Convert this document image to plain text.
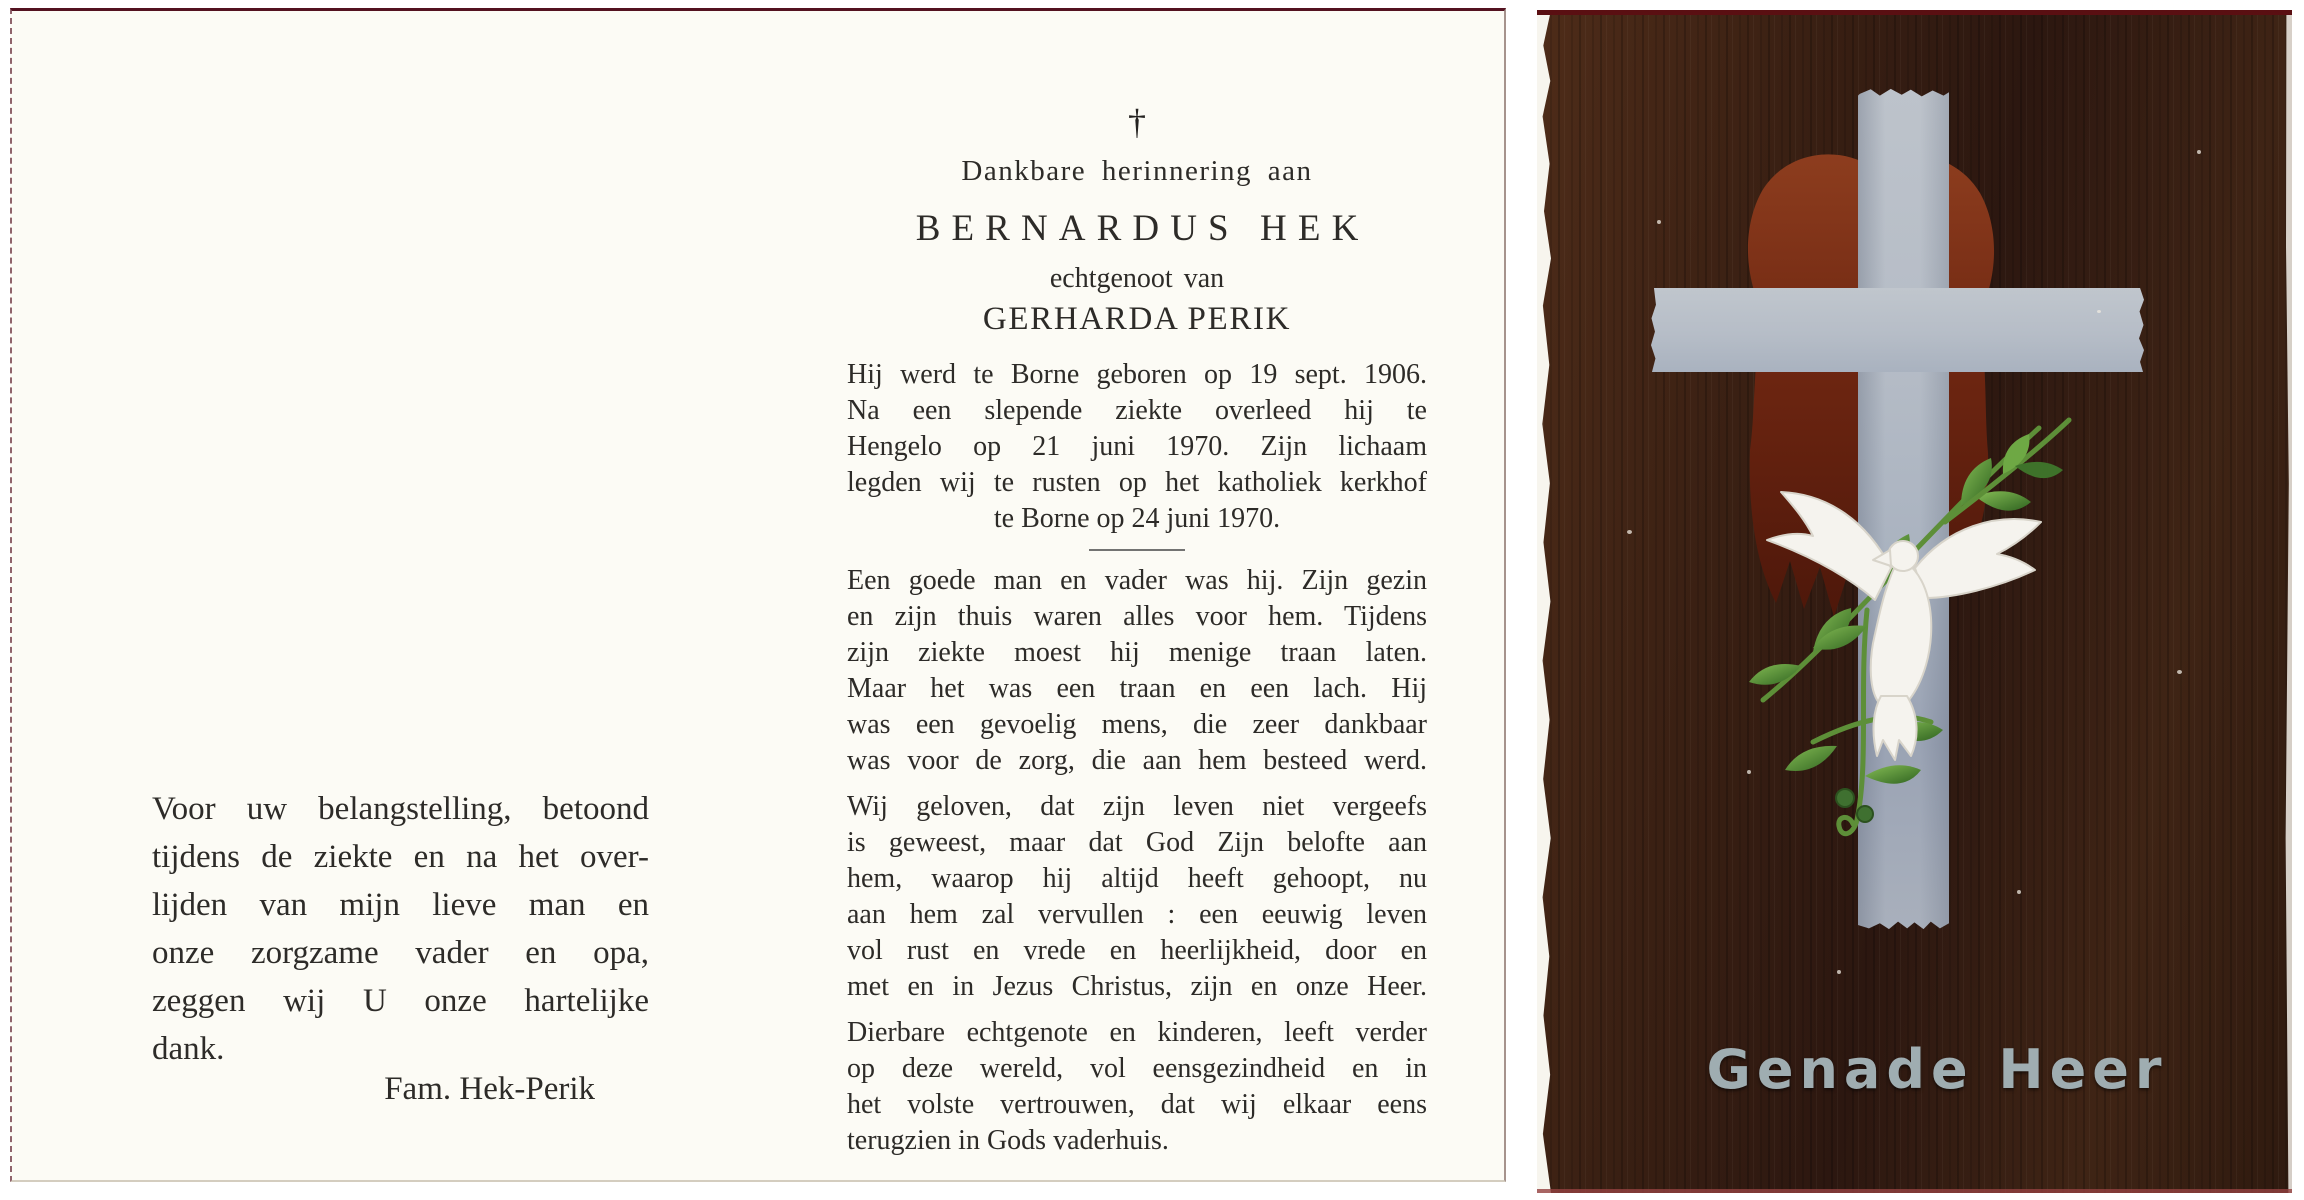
Voor uw belangstelling, betoond
tijdens de ziekte en na het over-
lijden van mijn lieve man en
onze zorgzame vader en opa,
zeggen wij U onze hartelijke
dank.
Fam. Hek-Perik
†
Dankbare herinnering aan
BERNARDUS HEK
echtgenoot van
GERHARDA PERIK
Hij werd te Borne geboren op 19 sept. 1906.
Na een slepende ziekte overleed hij te
Hengelo op 21 juni 1970. Zijn lichaam
legden wij te rusten op het katholiek kerkhof
te Borne op 24 juni 1970.
Een goede man en vader was hij. Zijn gezin
en zijn thuis waren alles voor hem. Tijdens
zijn ziekte moest hij menige traan laten.
Maar het was een traan en een lach. Hij
was een gevoelig mens, die zeer dankbaar
was voor de zorg, die aan hem besteed werd.
Wij geloven, dat zijn leven niet vergeefs
is geweest, maar dat God Zijn belofte aan
hem, waarop hij altijd heeft gehoopt, nu
aan hem zal vervullen : een eeuwig leven
vol rust en vrede en heerlijkheid, door en
met en in Jezus Christus, zijn en onze Heer.
Dierbare echtgenote en kinderen, leeft verder
op deze wereld, vol eensgezindheid en in
het volste vertrouwen, dat wij elkaar eens
terugzien in Gods vaderhuis.
Genade Heer
